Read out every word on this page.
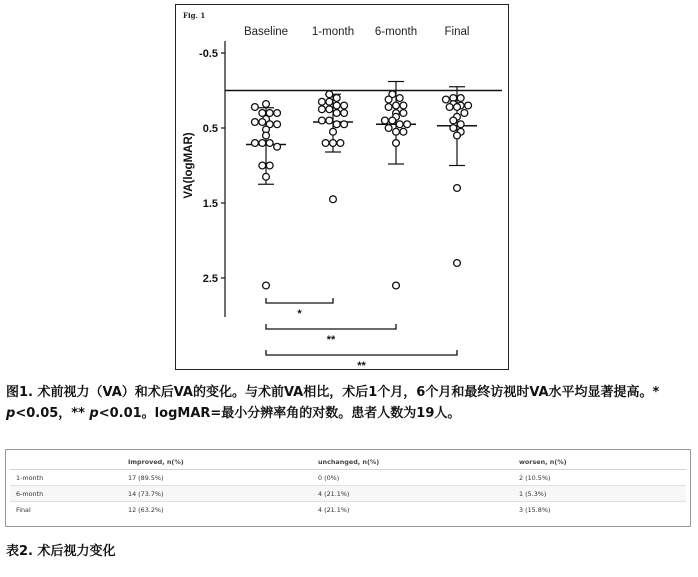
Fig. 1
-0.5
0.5
1.5
2.5
VA(logMAR)
Baseline 1-month 6-month Final
*
**
**
图1. 术前视力（VA）和术后VA的变化。与术前VA相比，术后1个月，6个月和最终访视时VA水平均显著提高。* p<0.05，** p<0.01。logMAR=最小分辨率角的对数。患者人数为19人。
	Improved, n(%)	unchanged, n(%)	worsen, n(%)
1-month	17 (89.5%)	0 (0%)	2 (10.5%)
6-month	14 (73.7%)	4 (21.1%)	1 (5.3%)
Final	12 (63.2%)	4 (21.1%)	3 (15.8%)
表2. 术后视力变化
